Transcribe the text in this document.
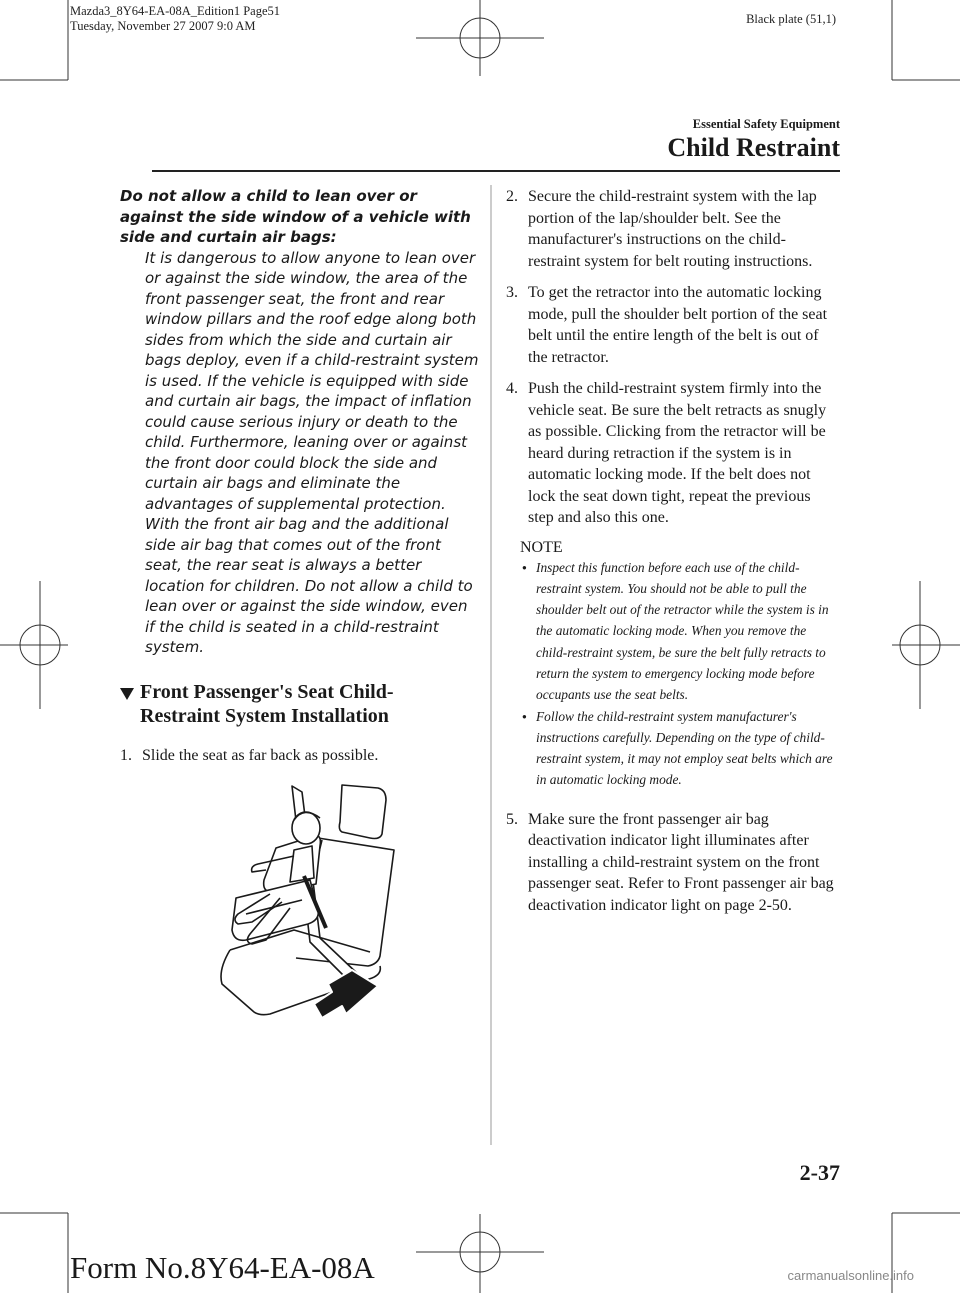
Mazda3_8Y64-EA-08A_Edition1 Page51
Tuesday, November 27 2007 9:0 AM	Black plate (51,1)
Essential Safety Equipment
Child Restraint
Do not allow a child to lean over or against the side window of a vehicle with side and curtain air bags:
It is dangerous to allow anyone to lean over or against the side window, the area of the front passenger seat, the front and rear window pillars and the roof edge along both sides from which the side and curtain air bags deploy, even if a child-restraint system is used. If the vehicle is equipped with side and curtain air bags, the impact of inflation could cause serious injury or death to the child. Furthermore, leaning over or against the front door could block the side and curtain air bags and eliminate the advantages of supplemental protection. With the front air bag and the additional side air bag that comes out of the front seat, the rear seat is always a better location for children. Do not allow a child to lean over or against the side window, even if the child is seated in a child-restraint system.
Front Passenger's Seat Child-Restraint System Installation
1. Slide the seat as far back as possible.
2. Secure the child-restraint system with the lap portion of the lap/shoulder belt. See the manufacturer's instructions on the child-restraint system for belt routing instructions.
3. To get the retractor into the automatic locking mode, pull the shoulder belt portion of the seat belt until the entire length of the belt is out of the retractor.
4. Push the child-restraint system firmly into the vehicle seat. Be sure the belt retracts as snugly as possible. Clicking from the retractor will be heard during retraction if the system is in automatic locking mode. If the belt does not lock the seat down tight, repeat the previous step and also this one.
NOTE
● Inspect this function before each use of the child-restraint system. You should not be able to pull the shoulder belt out of the retractor while the system is in the automatic locking mode. When you remove the child-restraint system, be sure the belt fully retracts to return the system to emergency locking mode before occupants use the seat belts.
● Follow the child-restraint system manufacturer's instructions carefully. Depending on the type of child-restraint system, it may not employ seat belts which are in automatic locking mode.
5. Make sure the front passenger air bag deactivation indicator light illuminates after installing a child-restraint system on the front passenger seat. Refer to Front passenger air bag deactivation indicator light on page 2-50.
2-37
Form No.8Y64-EA-08A	carmanualsonline.info
